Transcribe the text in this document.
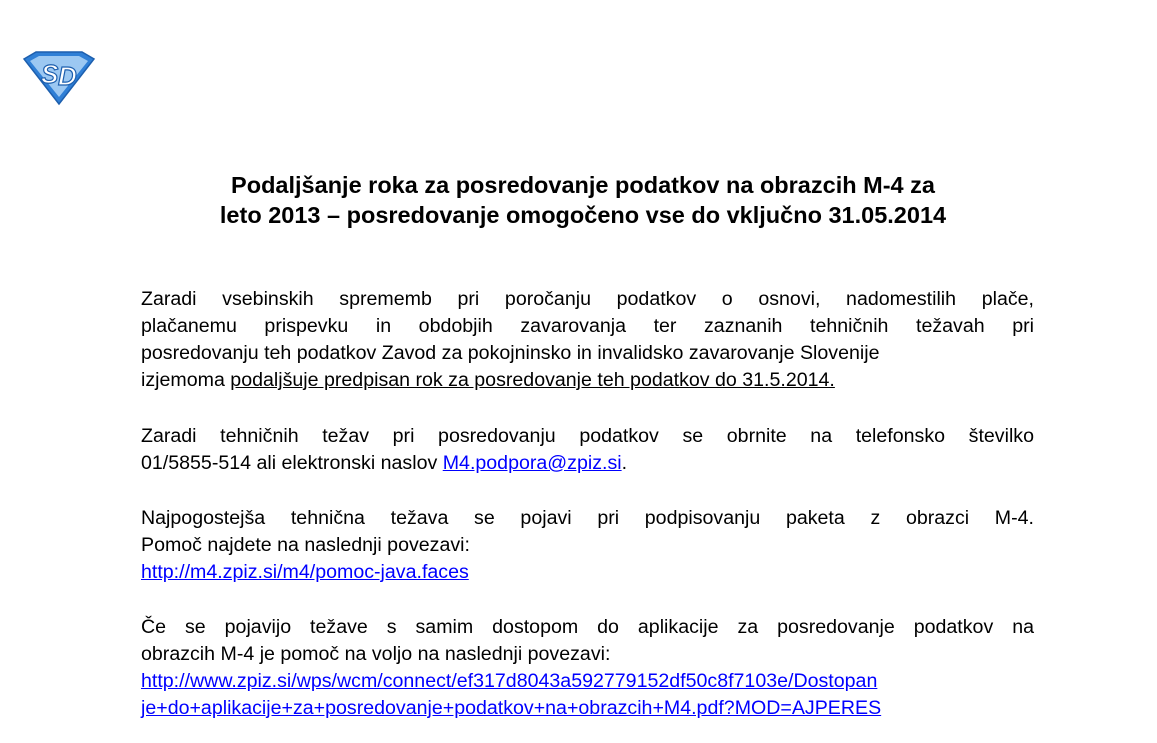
S D
Podaljšanje roka za posredovanje podatkov na obrazcih M-4 za
leto 2013 – posredovanje omogočeno vse do vključno 31.05.2014
Zaradi vsebinskih sprememb pri poročanju podatkov o osnovi, nadomestilih plače,
plačanemu prispevku in obdobjih zavarovanja ter zaznanih tehničnih težavah pri
posredovanju teh podatkov Zavod za pokojninsko in invalidsko zavarovanje Slovenije
izjemoma podaljšuje predpisan rok za posredovanje teh podatkov do 31.5.2014.
Zaradi tehničnih težav pri posredovanju podatkov se obrnite na telefonsko številko
01/5855-514 ali elektronski naslov M4.podpora@zpiz.si.
Najpogostejša tehnična težava se pojavi pri podpisovanju paketa z obrazci M-4.
Pomoč najdete na naslednji povezavi:
http://m4.zpiz.si/m4/pomoc-java.faces
Če se pojavijo težave s samim dostopom do aplikacije za posredovanje podatkov na
obrazcih M-4 je pomoč na voljo na naslednji povezavi:
http://www.zpiz.si/wps/wcm/connect/ef317d8043a592779152df50c8f7103e/Dostopan
je+do+aplikacije+za+posredovanje+podatkov+na+obrazcih+M4.pdf?MOD=AJPERES
